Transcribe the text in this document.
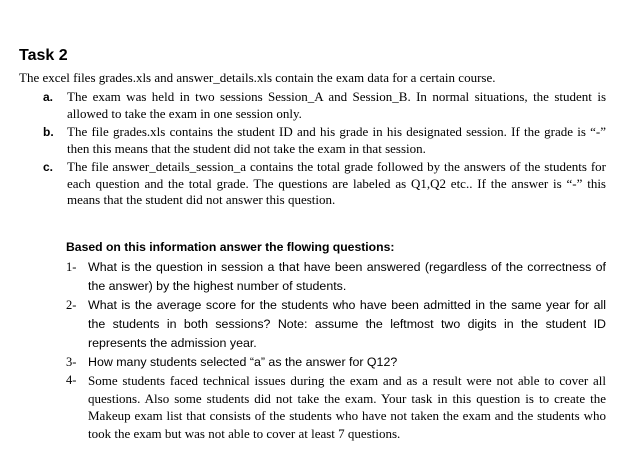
Task 2
The excel files grades.xls and answer_details.xls contain the exam data for a certain course.
a. The exam was held in two sessions Session_A and Session_B. In normal situations, the student is allowed to take the exam in one session only.
b. The file grades.xls contains the student ID and his grade in his designated session. If the grade is “-” then this means that the student did not take the exam in that session.
c. The file answer_details_session_a contains the total grade followed by the answers of the students for each question and the total grade. The questions are labeled as Q1,Q2 etc.. If the answer is “-” this means that the student did not answer this question.
Based on this information answer the flowing questions:
1- What is the question in session a that have been answered (regardless of the correctness of the answer) by the highest number of students.
2- What is the average score for the students who have been admitted in the same year for all the students in both sessions? Note: assume the leftmost two digits in the student ID represents the admission year.
3- How many students selected “a” as the answer for Q12?
4- Some students faced technical issues during the exam and as a result were not able to cover all questions. Also some students did not take the exam. Your task in this question is to create the Makeup exam list that consists of the students who have not taken the exam and the students who took the exam but was not able to cover at least 7 questions.
